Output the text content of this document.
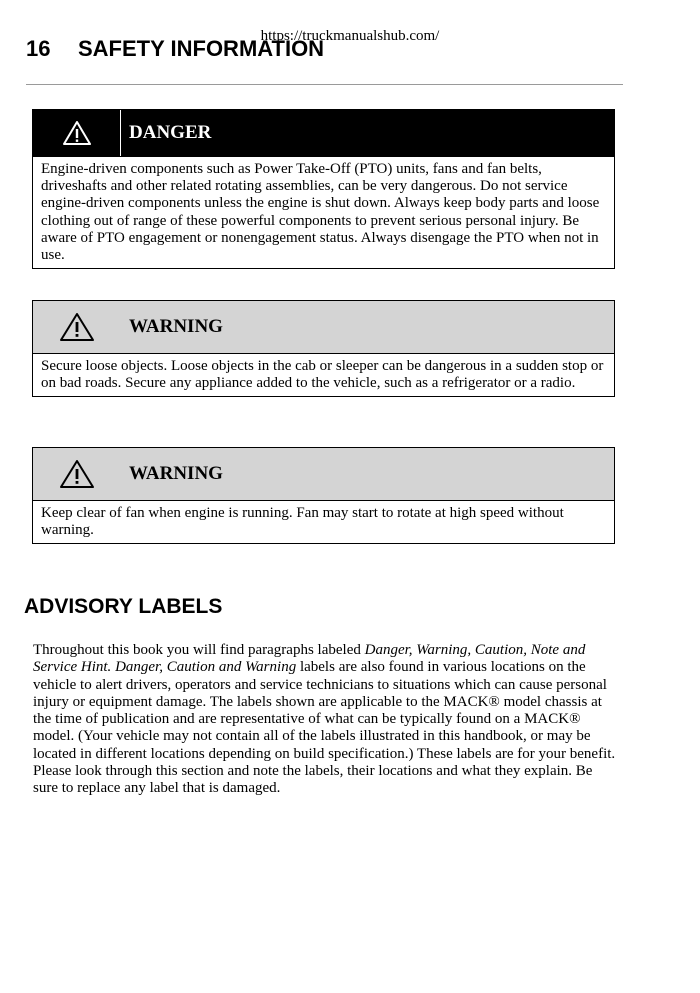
https://truckmanualshub.com/
16 SAFETY INFORMATION
DANGER
Engine-driven components such as Power Take-Off (PTO) units, fans and fan belts, driveshafts and other related rotating assemblies, can be very dangerous. Do not service engine-driven components unless the engine is shut down. Always keep body parts and loose clothing out of range of these powerful components to prevent serious personal injury. Be aware of PTO engagement or nonengagement status. Always disengage the PTO when not in use.
WARNING
Secure loose objects. Loose objects in the cab or sleeper can be dangerous in a sudden stop or on bad roads. Secure any appliance added to the vehicle, such as a refrigerator or a radio.
WARNING
Keep clear of fan when engine is running. Fan may start to rotate at high speed without warning.
ADVISORY LABELS
Throughout this book you will find paragraphs labeled Danger, Warning, Caution, Note and Service Hint. Danger, Caution and Warning labels are also found in various locations on the vehicle to alert drivers, operators and service technicians to situations which can cause personal injury or equipment damage. The labels shown are applicable to the MACK® model chassis at the time of publication and are representative of what can be typically found on a MACK® model. (Your vehicle may not contain all of the labels illustrated in this handbook, or may be located in different locations depending on build specification.) These labels are for your benefit. Please look through this section and note the labels, their locations and what they explain. Be sure to replace any label that is damaged.
